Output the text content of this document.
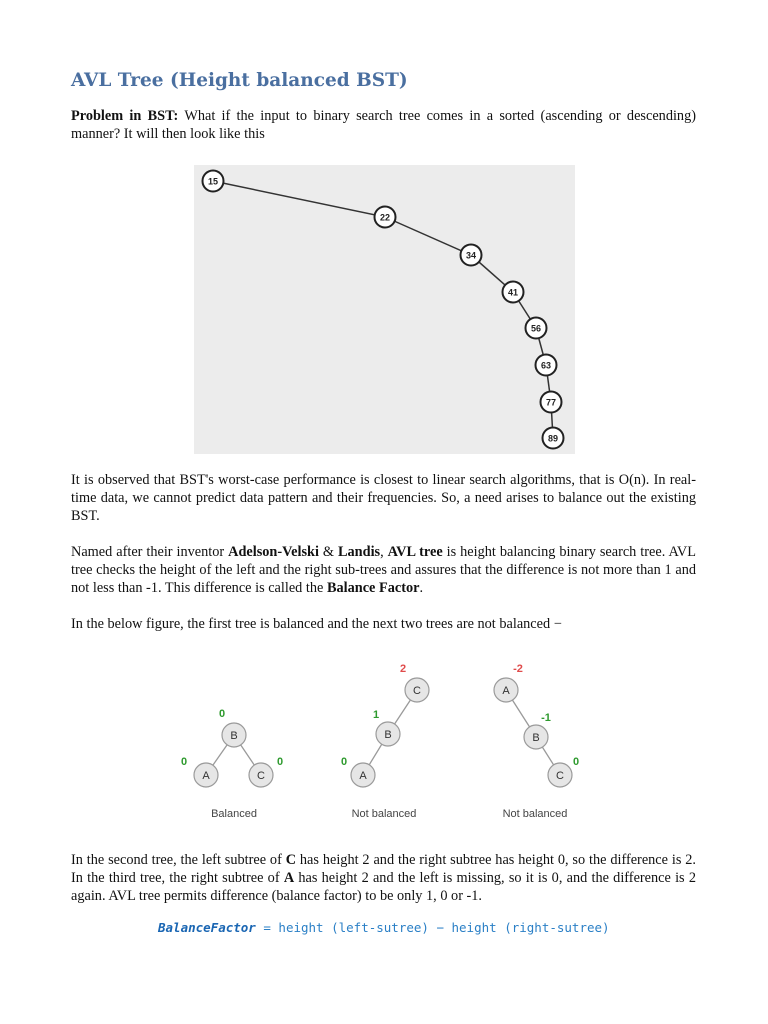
AVL Tree (Height balanced BST)

Problem in BST: What if the input to binary search tree comes in a sorted (ascending or descending) manner? It will then look like this

15
22
34
41
56
63
77
89

It is observed that BST's worst-case performance is closest to linear search algorithms, that is O(n). In real-time data, we cannot predict data pattern and their frequencies. So, a need arises to balance out the existing BST.

Named after their inventor Adelson-Velski & Landis, AVL tree is height balancing binary search tree. AVL tree checks the height of the left and the right sub-trees and assures that the difference is not more than 1 and not less than -1. This difference is called the Balance Factor.

In the below figure, the first tree is balanced and the next two trees are not balanced −

B
0
A
0
C
0
Balanced
C
2
B
1
A
0
Not balanced
A
-2
B
-1
C
0
Not balanced

In the second tree, the left subtree of C has height 2 and the right subtree has height 0, so the difference is 2. In the third tree, the right subtree of A has height 2 and the left is missing, so it is 0, and the difference is 2 again. AVL tree permits difference (balance factor) to be only 1, 0 or -1.

BalanceFactor = height (left-sutree) − height (right-sutree)
